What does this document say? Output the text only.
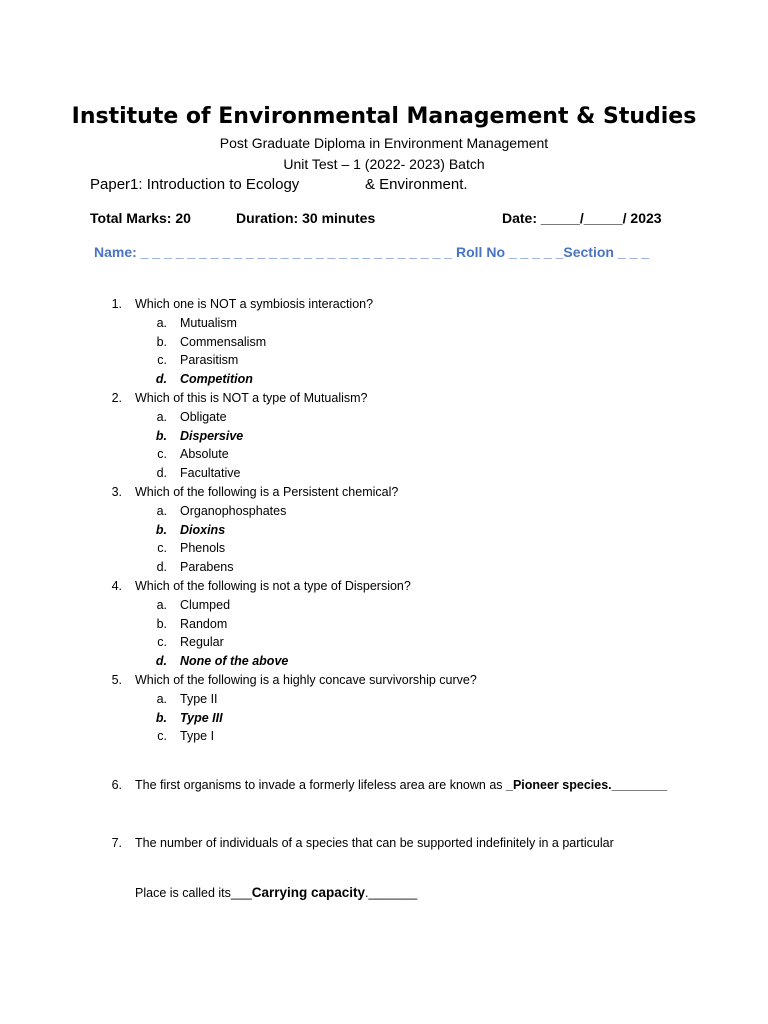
Institute of Environmental Management & Studies
Post Graduate Diploma in Environment Management
Unit Test – 1 (2022- 2023) Batch
Paper1: Introduction to Ecology	& Environment.
Total Marks: 20	Duration: 30 minutes	Date: _____/_____/ 2023
Name: _ _ _ _ _ _ _ _ _ _ _ _ _ _ _ _ _ _ _ _ _ _ _ _ _ _ _ Roll No _ _ _ _ _Section _ _ _
1. Which one is NOT a symbiosis interaction?
a. Mutualism
b. Commensalism
c. Parasitism
d. Competition
2. Which of this is NOT a type of Mutualism?
a. Obligate
b. Dispersive
c. Absolute
d. Facultative
3. Which of the following is a Persistent chemical?
a. Organophosphates
b. Dioxins
c. Phenols
d. Parabens
4. Which of the following is not a type of Dispersion?
a. Clumped
b. Random
c. Regular
d. None of the above
5. Which of the following is a highly concave survivorship curve?
a. Type II
b. Type III
c. Type I
6. The first organisms to invade a formerly lifeless area are known as _Pioneer species.________
7. The number of individuals of a species that can be supported indefinitely in a particular
Place is called its___Carrying capacity._______
